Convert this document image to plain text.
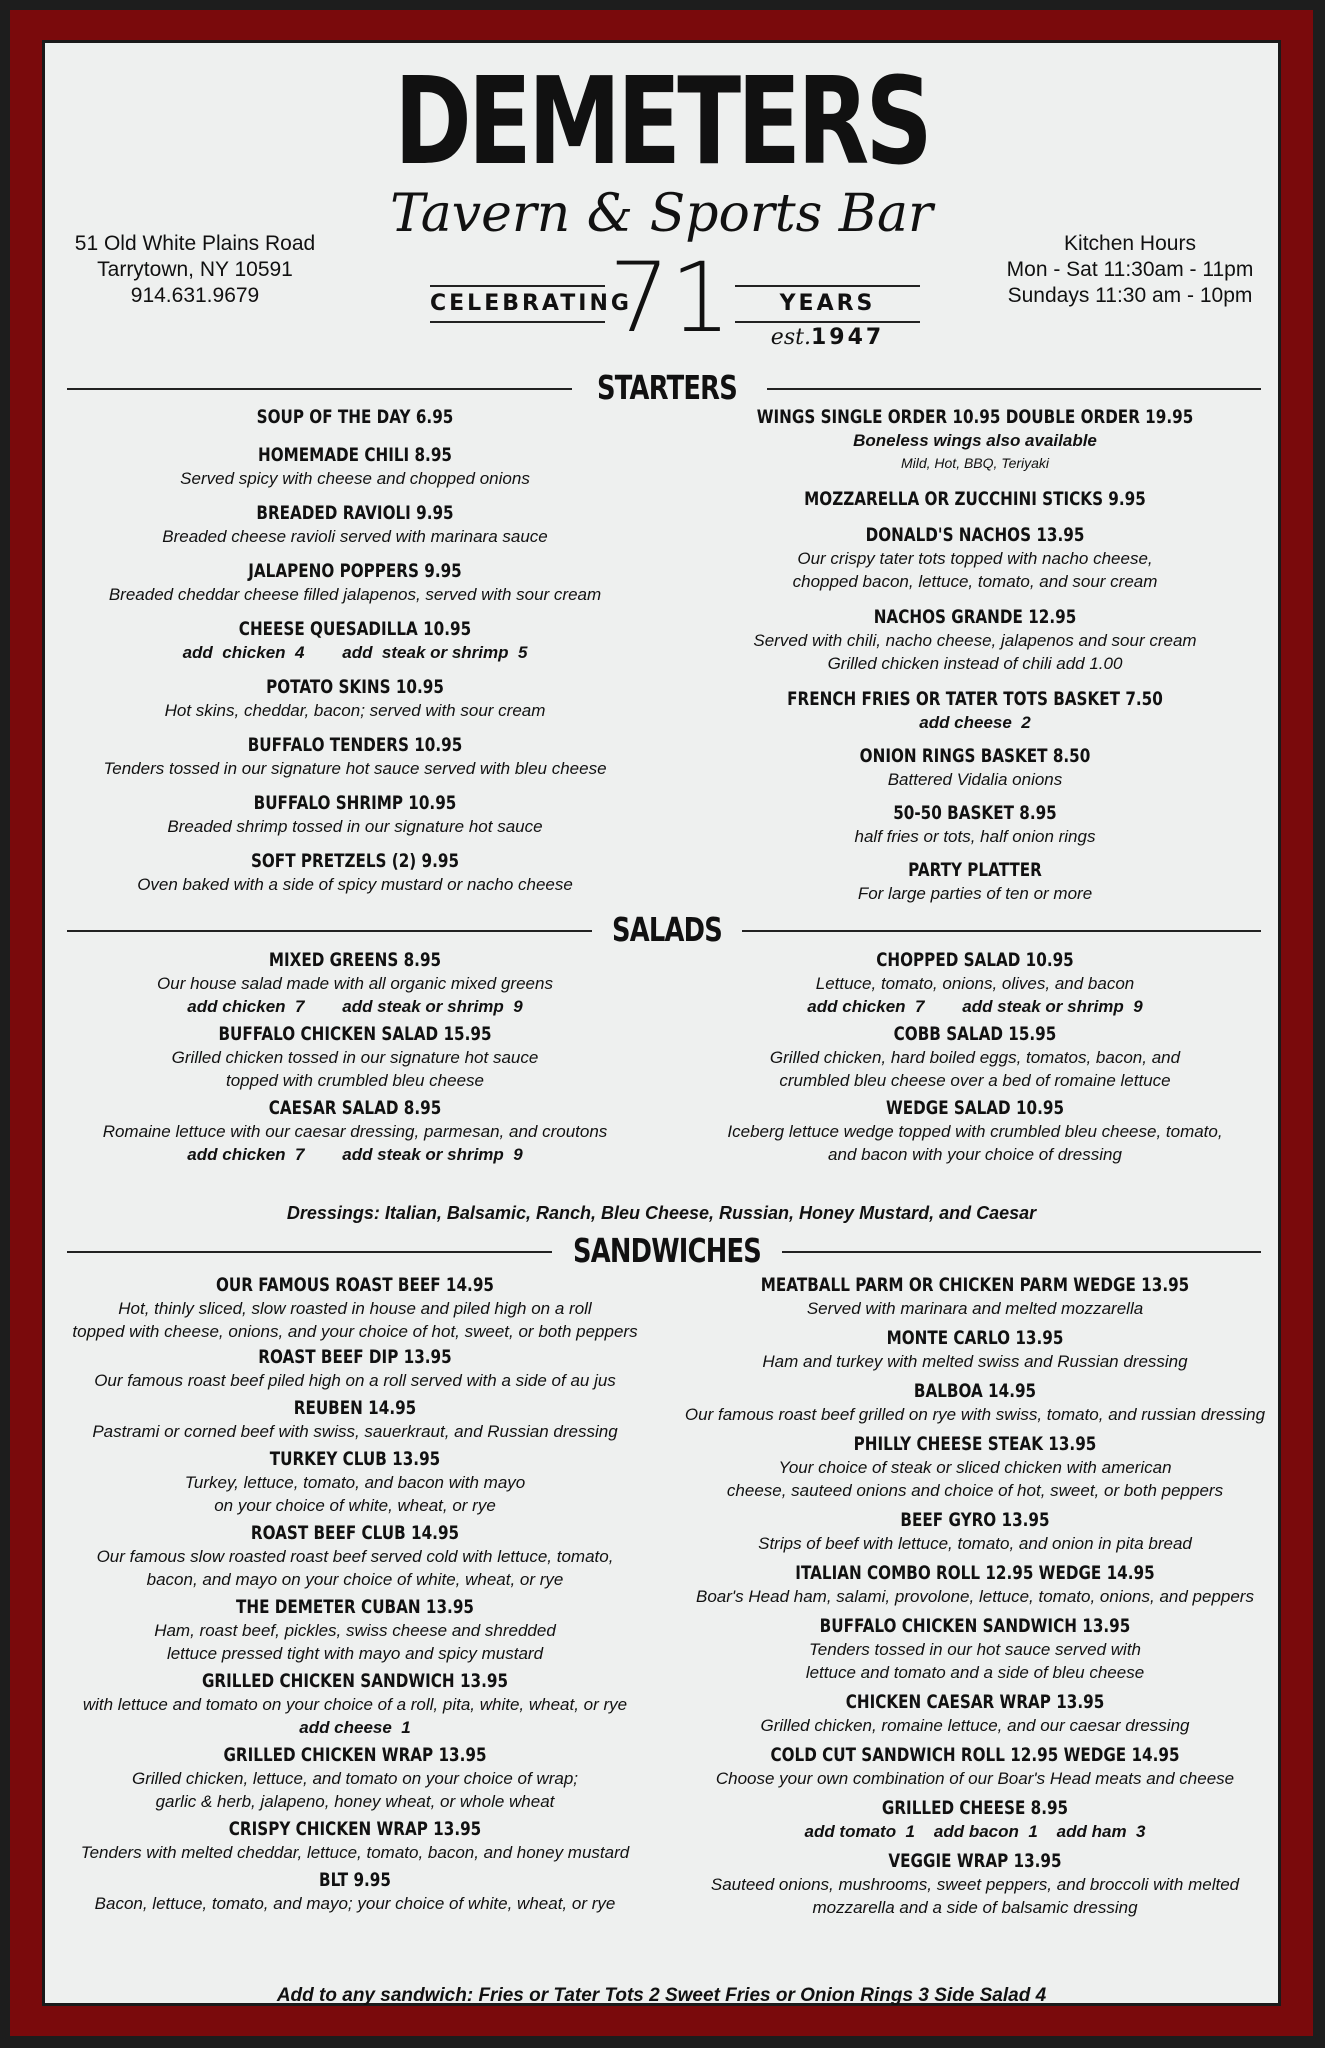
DEMETERS
Tavern & Sports Bar
CELEBRATING
71	YEARS est.1947
51 Old White Plains Road
Tarrytown, NY 10591
914.631.9679
Kitchen Hours
Mon - Sat 11:30am - 11pm
Sundays 11:30 am - 10pm
STARTERS
SOUP OF THE DAY 6.95
HOMEMADE CHILI 8.95
Served spicy with cheese and chopped onions
BREADED RAVIOLI 9.95
Breaded cheese ravioli served with marinara sauce
JALAPENO POPPERS 9.95
Breaded cheddar cheese filled jalapenos, served with sour cream
CHEESE QUESADILLA 10.95
add  chicken  4        add  steak or shrimp  5
POTATO SKINS 10.95
Hot skins, cheddar, bacon; served with sour cream
BUFFALO TENDERS 10.95
Tenders tossed in our signature hot sauce served with bleu cheese
BUFFALO SHRIMP 10.95
Breaded shrimp tossed in our signature hot sauce
SOFT PRETZELS (2) 9.95
Oven baked with a side of spicy mustard or nacho cheese
WINGS SINGLE ORDER 10.95 DOUBLE ORDER 19.95
Boneless wings also available
Mild, Hot, BBQ, Teriyaki
MOZZARELLA OR ZUCCHINI STICKS 9.95
DONALD'S NACHOS 13.95
Our crispy tater tots topped with nacho cheese,
chopped bacon, lettuce, tomato, and sour cream
NACHOS GRANDE 12.95
Served with chili, nacho cheese, jalapenos and sour cream
Grilled chicken instead of chili add 1.00
FRENCH FRIES OR TATER TOTS BASKET 7.50
add cheese  2
ONION RINGS BASKET 8.50
Battered Vidalia onions
50-50 BASKET 8.95
half fries or tots, half onion rings
PARTY PLATTER
For large parties of ten or more
SALADS
MIXED GREENS 8.95
Our house salad made with all organic mixed greens
add chicken  7        add steak or shrimp  9
BUFFALO CHICKEN SALAD 15.95
Grilled chicken tossed in our signature hot sauce
topped with crumbled bleu cheese
CAESAR SALAD 8.95
Romaine lettuce with our caesar dressing, parmesan, and croutons
add chicken  7        add steak or shrimp  9
CHOPPED SALAD 10.95
Lettuce, tomato, onions, olives, and bacon
add chicken  7        add steak or shrimp  9
COBB SALAD 15.95
Grilled chicken, hard boiled eggs, tomatos, bacon, and
crumbled bleu cheese over a bed of romaine lettuce
WEDGE SALAD 10.95
Iceberg lettuce wedge topped with crumbled bleu cheese, tomato,
and bacon with your choice of dressing
Dressings: Italian, Balsamic, Ranch, Bleu Cheese, Russian, Honey Mustard, and Caesar
SANDWICHES
OUR FAMOUS ROAST BEEF 14.95
Hot, thinly sliced, slow roasted in house and piled high on a roll
topped with cheese, onions, and your choice of hot, sweet, or both peppers
ROAST BEEF DIP 13.95
Our famous roast beef piled high on a roll served with a side of au jus
REUBEN 14.95
Pastrami or corned beef with swiss, sauerkraut, and Russian dressing
TURKEY CLUB 13.95
Turkey, lettuce, tomato, and bacon with mayo
on your choice of white, wheat, or rye
ROAST BEEF CLUB 14.95
Our famous slow roasted roast beef served cold with lettuce, tomato,
bacon, and mayo on your choice of white, wheat, or rye
THE DEMETER CUBAN 13.95
Ham, roast beef, pickles, swiss cheese and shredded
lettuce pressed tight with mayo and spicy mustard
GRILLED CHICKEN SANDWICH 13.95
with lettuce and tomato on your choice of a roll, pita, white, wheat, or rye
add cheese  1
GRILLED CHICKEN WRAP 13.95
Grilled chicken, lettuce, and tomato on your choice of wrap;
garlic & herb, jalapeno, honey wheat, or whole wheat
CRISPY CHICKEN WRAP 13.95
Tenders with melted cheddar, lettuce, tomato, bacon, and honey mustard
BLT 9.95
Bacon, lettuce, tomato, and mayo; your choice of white, wheat, or rye
MEATBALL PARM OR CHICKEN PARM WEDGE 13.95
Served with marinara and melted mozzarella
MONTE CARLO 13.95
Ham and turkey with melted swiss and Russian dressing
BALBOA 14.95
Our famous roast beef grilled on rye with swiss, tomato, and russian dressing
PHILLY CHEESE STEAK 13.95
Your choice of steak or sliced chicken with american
cheese, sauteed onions and choice of hot, sweet, or both peppers
BEEF GYRO 13.95
Strips of beef with lettuce, tomato, and onion in pita bread
ITALIAN COMBO ROLL 12.95 WEDGE 14.95
Boar's Head ham, salami, provolone, lettuce, tomato, onions, and peppers
BUFFALO CHICKEN SANDWICH 13.95
Tenders tossed in our hot sauce served with
lettuce and tomato and a side of bleu cheese
CHICKEN CAESAR WRAP 13.95
Grilled chicken, romaine lettuce, and our caesar dressing
COLD CUT SANDWICH ROLL 12.95 WEDGE 14.95
Choose your own combination of our Boar's Head meats and cheese
GRILLED CHEESE 8.95
add tomato  1    add bacon  1    add ham  3
VEGGIE WRAP 13.95
Sauteed onions, mushrooms, sweet peppers, and broccoli with melted
mozzarella and a side of balsamic dressing
Add to any sandwich: Fries or Tater Tots 2 Sweet Fries or Onion Rings 3 Side Salad 4
